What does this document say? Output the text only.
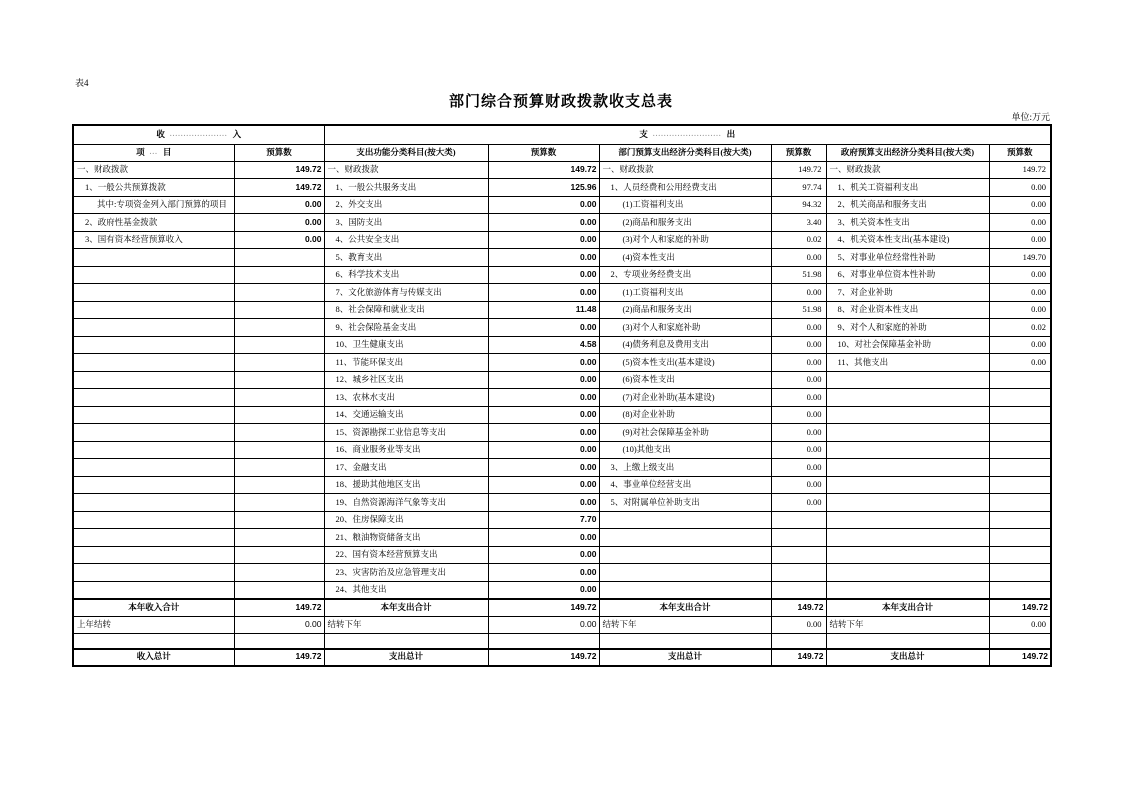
表4
部门综合预算财政拨款收支总表
单位:万元
收 ..................... 入		支 ......................... 出					
项 ... 目	预算数	支出功能分类科目(按大类)	预算数	部门预算支出经济分类科目(按大类)	预算数	政府预算支出经济分类科目(按大类)	预算数
一、财政拨款	149.72	一、财政拨款	149.72	一、财政拨款	149.72	一、财政拨款	149.72
1、一般公共预算拨款	149.72	1、一般公共服务支出	125.96	1、人员经费和公用经费支出	97.74	1、机关工资福利支出	0.00
其中:专项资金列入部门预算的项目	0.00	2、外交支出	0.00	(1)工资福利支出	94.32	2、机关商品和服务支出	0.00
2、政府性基金拨款	0.00	3、国防支出	0.00	(2)商品和服务支出	3.40	3、机关资本性支出	0.00
3、国有资本经营预算收入	0.00	4、公共安全支出	0.00	(3)对个人和家庭的补助	0.02	4、机关资本性支出(基本建设)	0.00
		5、教育支出	0.00	(4)资本性支出	0.00	5、对事业单位经常性补助	149.70
		6、科学技术支出	0.00	2、专项业务经费支出	51.98	6、对事业单位资本性补助	0.00
		7、文化旅游体育与传媒支出	0.00	(1)工资福利支出	0.00	7、对企业补助	0.00
		8、社会保障和就业支出	11.48	(2)商品和服务支出	51.98	8、对企业资本性支出	0.00
		9、社会保险基金支出	0.00	(3)对个人和家庭补助	0.00	9、对个人和家庭的补助	0.02
		10、卫生健康支出	4.58	(4)债务利息及费用支出	0.00	10、对社会保障基金补助	0.00
		11、节能环保支出	0.00	(5)资本性支出(基本建设)	0.00	11、其他支出	0.00
		12、城乡社区支出	0.00	(6)资本性支出	0.00		
		13、农林水支出	0.00	(7)对企业补助(基本建设)	0.00		
		14、交通运输支出	0.00	(8)对企业补助	0.00		
		15、资源勘探工业信息等支出	0.00	(9)对社会保障基金补助	0.00		
		16、商业服务业等支出	0.00	(10)其他支出	0.00		
		17、金融支出	0.00	3、上缴上级支出	0.00		
		18、援助其他地区支出	0.00	4、事业单位经营支出	0.00		
		19、自然资源海洋气象等支出	0.00	5、对附属单位补助支出	0.00		
		20、住房保障支出	7.70				
		21、粮油物资储备支出	0.00				
		22、国有资本经营预算支出	0.00				
		23、灾害防治及应急管理支出	0.00				
		24、其他支出	0.00				
本年收入合计	149.72	本年支出合计	149.72	本年支出合计	149.72	本年支出合计	149.72
上年结转	0.00	结转下年	0.00	结转下年	0.00	结转下年	0.00

收入总计	149.72	支出总计	149.72	支出总计	149.72	支出总计	149.72
